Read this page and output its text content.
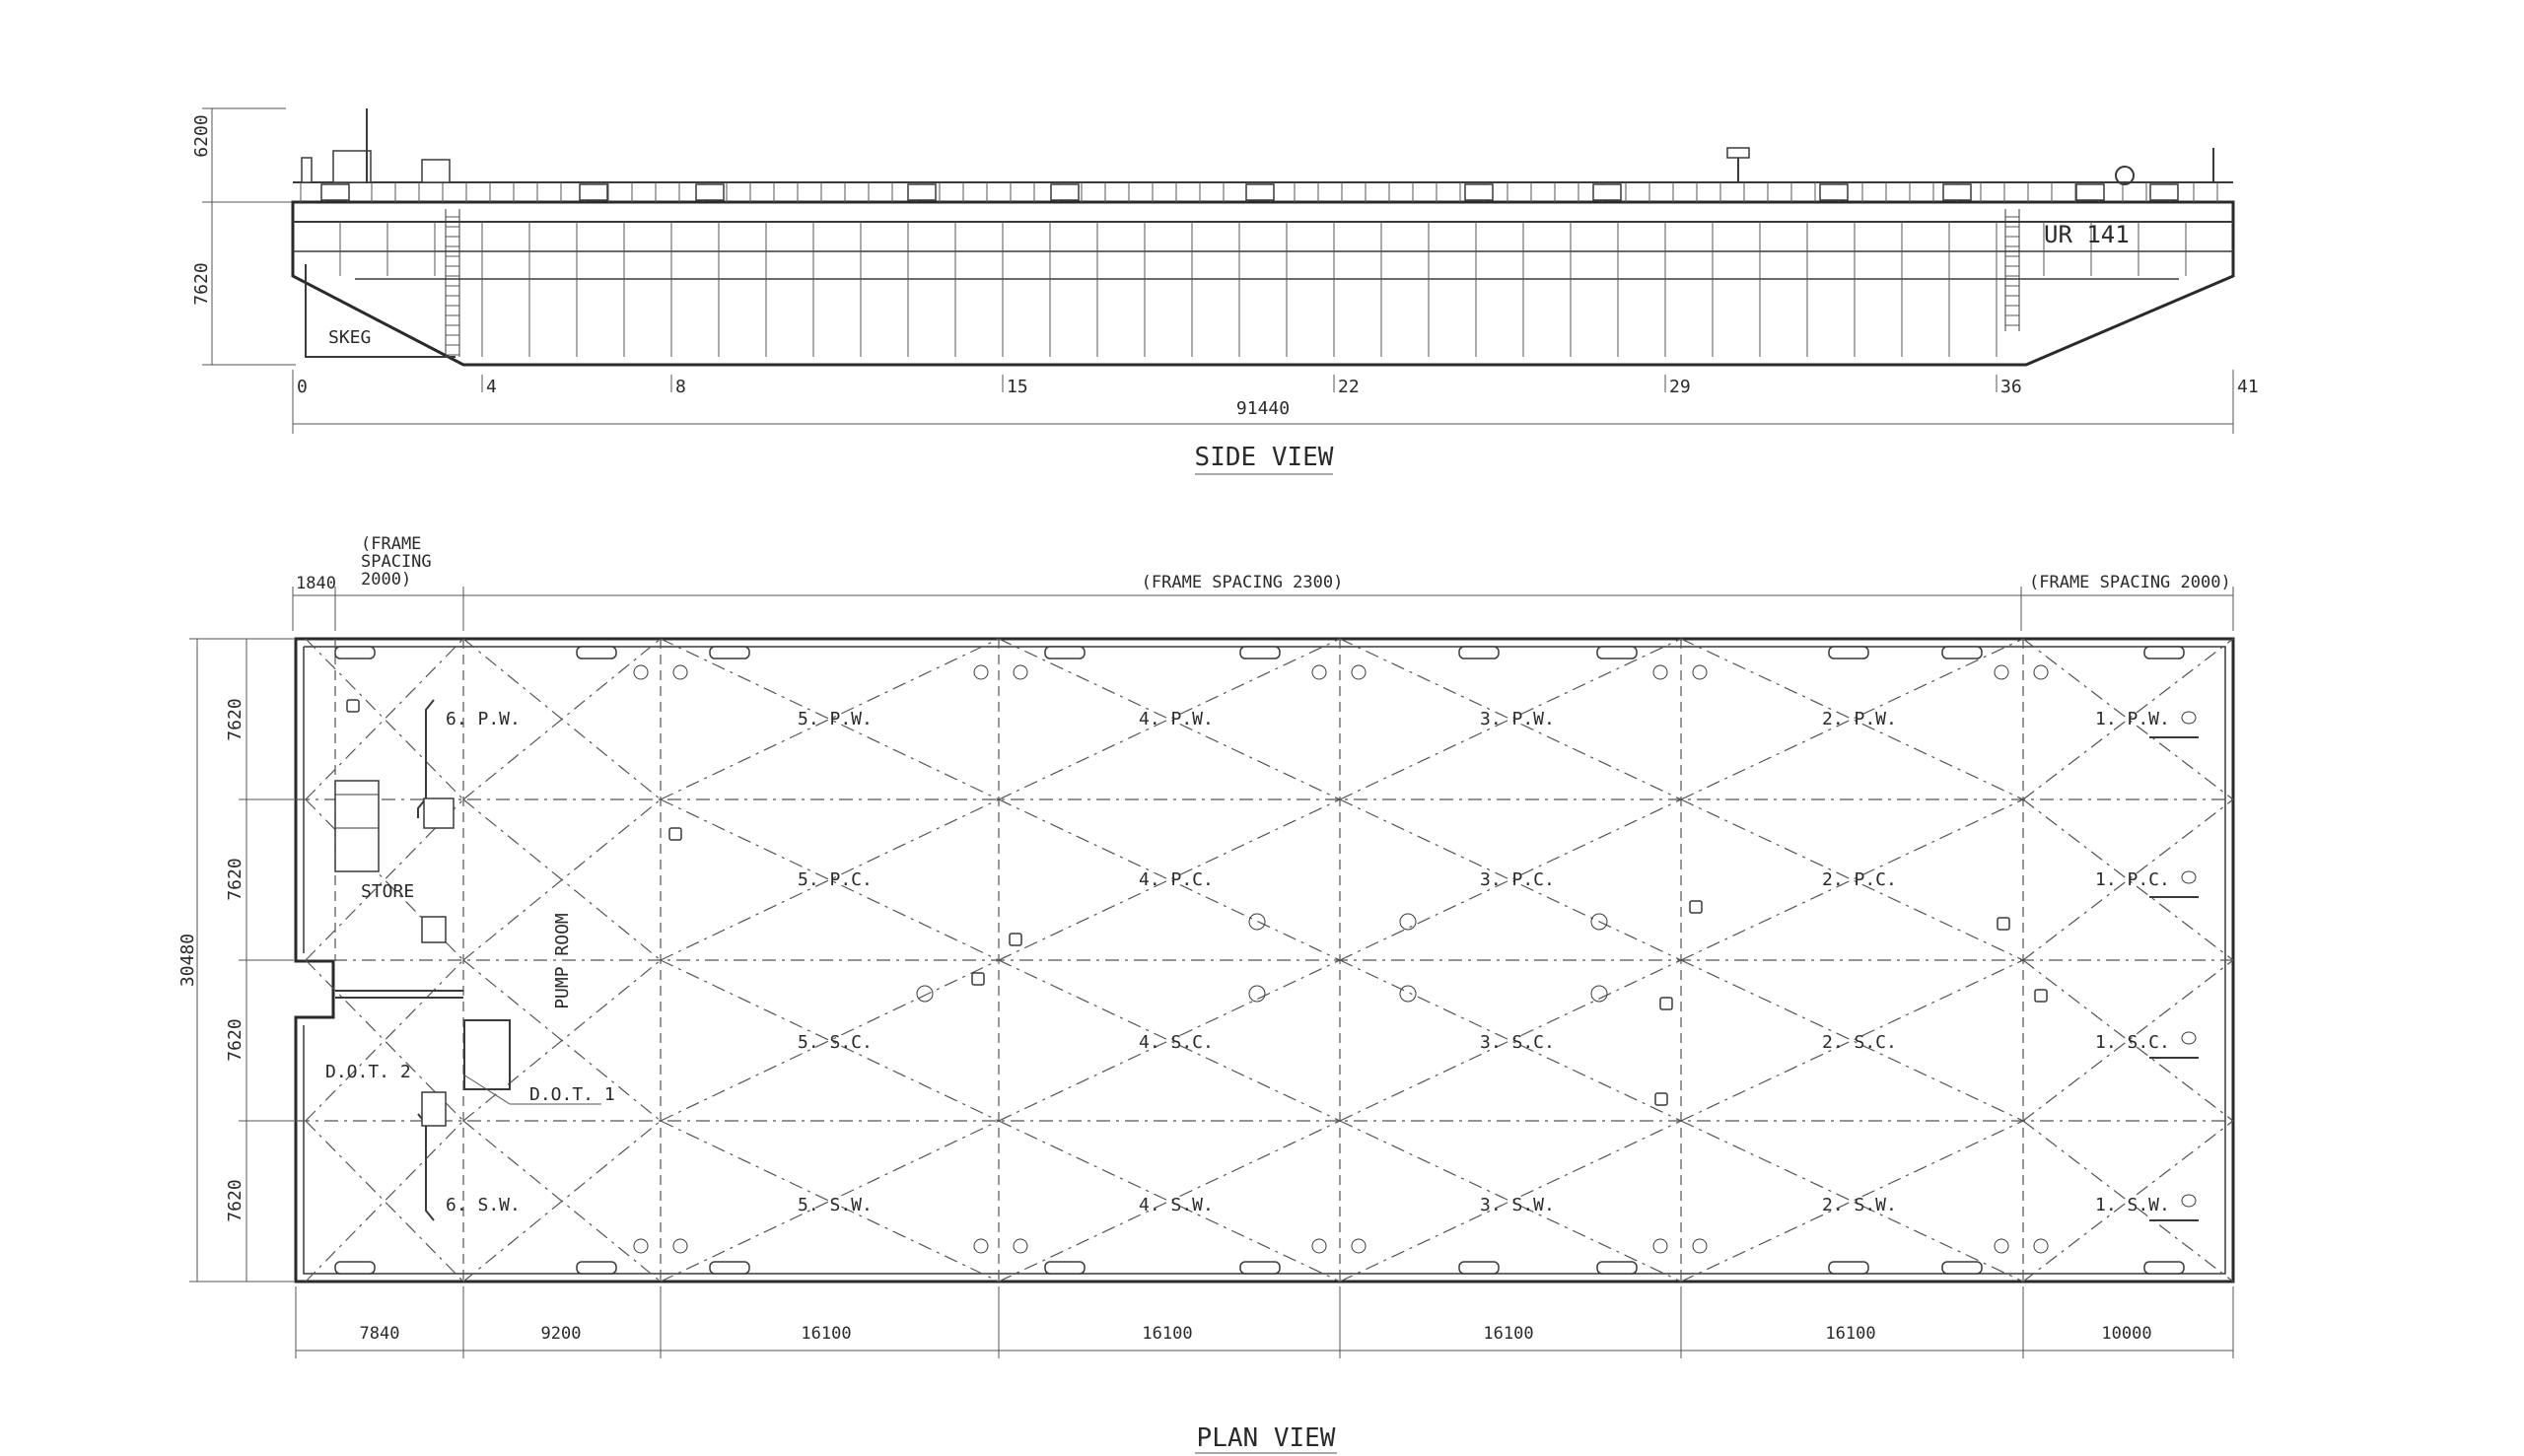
6200
7620
SKEG
UR 141
0	4	8	15	22	29	36	41
91440
SIDE VIEW
1840
(FRAME
SPACING
2000)	(FRAME SPACING 2300)	(FRAME SPACING 2000)
30480
7620
7620
7620
7620
STORE
PUMP ROOM
D.O.T. 2
D.O.T. 1
6. P.W.	5. P.W.	4. P.W.	3. P.W.	2. P.W.	1. P.W.
5. P.C.	4. P.C.	3. P.C.	2. P.C.	1. P.C.
5. S.C.	4. S.C.	3. S.C.	2. S.C.	1. S.C.
6. S.W.	5. S.W.	4. S.W.	3. S.W.	2. S.W.	1. S.W.
7840	9200	16100	16100	16100	16100	10000
PLAN VIEW
